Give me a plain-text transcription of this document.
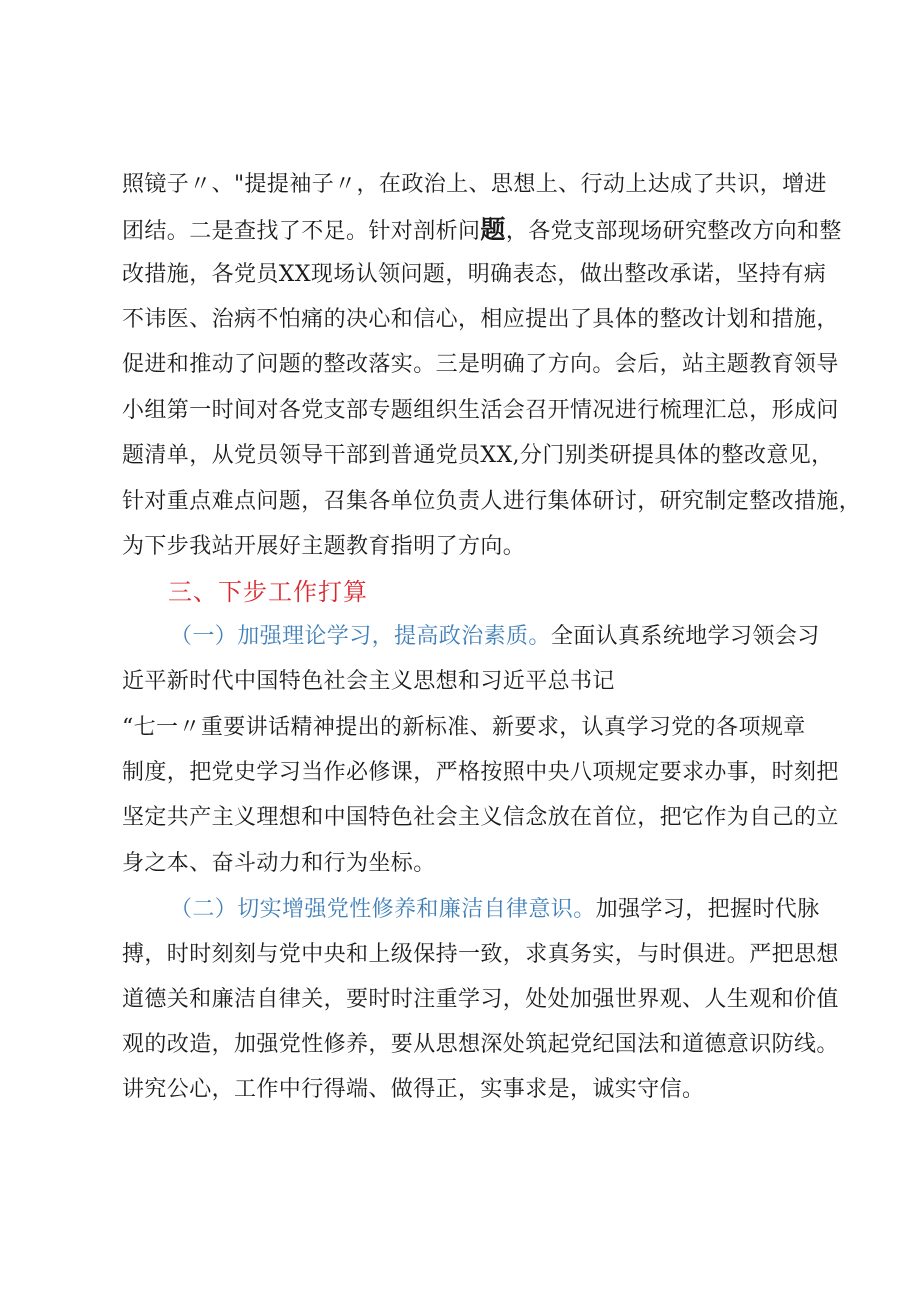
照镜子〃、"提提袖子〃，在政治上、思想上、行动上达成了共识，增进
团结。二是查找了不足。针对剖析问题，各党支部现场研究整改方向和整
改措施，各党员XX现场认领问题，明确表态，做出整改承诺，坚持有病
不讳医、治病不怕痛的决心和信心，相应提出了具体的整改计划和措施，
促进和推动了问题的整改落实。三是明确了方向。会后，站主题教育领导
小组第一时间对各党支部专题组织生活会召开情况进行梳理汇总，形成问
题清单，从党员领导干部到普通党员XX,分门别类研提具体的整改意见，
针对重点难点问题，召集各单位负责人进行集体研讨，研究制定整改措施，
为下步我站开展好主题教育指明了方向。
三、下步工作打算
（一）加强理论学习，提高政治素质。全面认真系统地学习领会习
近平新时代中国特色社会主义思想和习近平总书记
“七一〃重要讲话精神提出的新标准、新要求，认真学习党的各项规章
制度，把党史学习当作必修课，严格按照中央八项规定要求办事，时刻把
坚定共产主义理想和中国特色社会主义信念放在首位，把它作为自己的立
身之本、奋斗动力和行为坐标。
（二）切实增强党性修养和廉洁自律意识。加强学习，把握时代脉
搏，时时刻刻与党中央和上级保持一致，求真务实，与时俱进。严把思想
道德关和廉洁自律关，要时时注重学习，处处加强世界观、人生观和价值
观的改造，加强党性修养，要从思想深处筑起党纪国法和道德意识防线。
讲究公心，工作中行得端、做得正，实事求是，诚实守信。
